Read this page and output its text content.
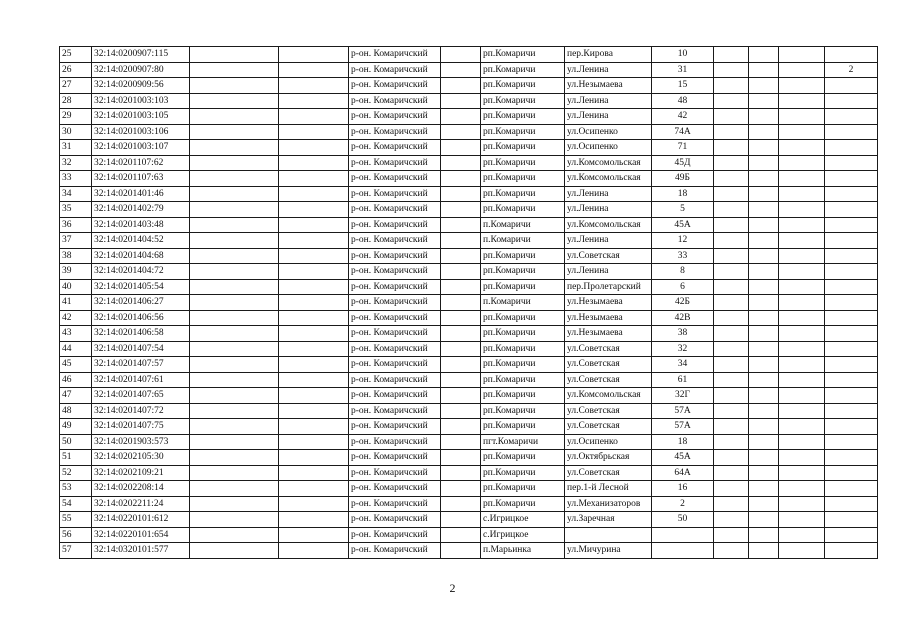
25	32:14:0200907:115			р-он. Комаричский		рп.Комаричи	пер.Кирова	10				
26	32:14:0200907:80			р-он. Комаричский		рп.Комаричи	ул.Ленина	31				2
27	32:14:0200909:56			р-он. Комаричский		рп.Комаричи	ул.Незымаева	15				
28	32:14:0201003:103			р-он. Комаричский		рп.Комаричи	ул.Ленина	48				
29	32:14:0201003:105			р-он. Комаричский		рп.Комаричи	ул.Ленина	42				
30	32:14:0201003:106			р-он. Комаричский		рп.Комаричи	ул.Осипенко	74А				
31	32:14:0201003:107			р-он. Комаричский		рп.Комаричи	ул.Осипенко	71				
32	32:14:0201107:62			р-он. Комаричский		рп.Комаричи	ул.Комсомольская	45Д				
33	32:14:0201107:63			р-он. Комаричский		рп.Комаричи	ул.Комсомольская	49Б				
34	32:14:0201401:46			р-он. Комаричский		рп.Комаричи	ул.Ленина	18				
35	32:14:0201402:79			р-он. Комаричский		рп.Комаричи	ул.Ленина	5				
36	32:14:0201403:48			р-он. Комаричский		п.Комаричи	ул.Комсомольская	45А				
37	32:14:0201404:52			р-он. Комаричский		п.Комаричи	ул.Ленина	12				
38	32:14:0201404:68			р-он. Комаричский		рп.Комаричи	ул.Советская	33				
39	32:14:0201404:72			р-он. Комаричский		рп.Комаричи	ул.Ленина	8				
40	32:14:0201405:54			р-он. Комаричский		рп.Комаричи	пер.Пролетарский	6				
41	32:14:0201406:27			р-он. Комаричский		п.Комаричи	ул.Незымаева	42Б				
42	32:14:0201406:56			р-он. Комаричский		рп.Комаричи	ул.Незымаева	42В				
43	32:14:0201406:58			р-он. Комаричский		рп.Комаричи	ул.Незымаева	38				
44	32:14:0201407:54			р-он. Комаричский		рп.Комаричи	ул.Советская	32				
45	32:14:0201407:57			р-он. Комаричский		рп.Комаричи	ул.Советская	34				
46	32:14:0201407:61			р-он. Комаричский		рп.Комаричи	ул.Советская	61				
47	32:14:0201407:65			р-он. Комаричский		рп.Комаричи	ул.Комсомольская	32Г				
48	32:14:0201407:72			р-он. Комаричский		рп.Комаричи	ул.Советская	57А				
49	32:14:0201407:75			р-он. Комаричский		рп.Комаричи	ул.Советская	57А				
50	32:14:0201903:573			р-он. Комаричский		пгт.Комаричи	ул.Осипенко	18				
51	32:14:0202105:30			р-он. Комаричский		рп.Комаричи	ул.Октябрьская	45А				
52	32:14:0202109:21			р-он. Комаричский		рп.Комаричи	ул.Советская	64А				
53	32:14:0202208:14			р-он. Комаричский		рп.Комаричи	пер.1-й Лесной	16				
54	32:14:0202211:24			р-он. Комаричский		рп.Комаричи	ул.Механизаторов	2				
55	32:14:0220101:612			р-он. Комаричский		с.Игрицкое	ул.Заречная	50				
56	32:14:0220101:654			р-он. Комаричский		с.Игрицкое						
57	32:14:0320101:577			р-он. Комаричский		п.Марьинка	ул.Мичурина					
2
